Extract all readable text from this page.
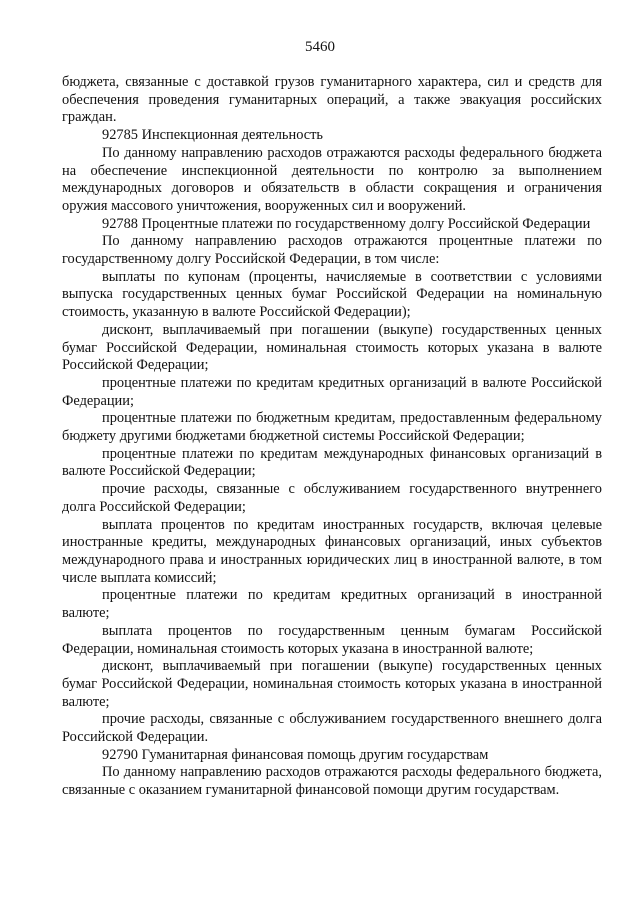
5460

бюджета, связанные с доставкой грузов гуманитарного характера, сил и средств для обеспечения проведения гуманитарных операций, а также эвакуация российских граждан.

92785 Инспекционная деятельность

По данному направлению расходов отражаются расходы федерального бюджета на обеспечение инспекционной деятельности по контролю за выполнением международных договоров и обязательств в области сокращения и ограничения оружия массового уничтожения, вооруженных сил и вооружений.

92788 Процентные платежи по государственному долгу Российской Федерации

По данному направлению расходов отражаются процентные платежи по государственному долгу Российской Федерации, в том числе:

выплаты по купонам (проценты, начисляемые в соответствии с условиями выпуска государственных ценных бумаг Российской Федерации на номинальную стоимость, указанную в валюте Российской Федерации);

дисконт, выплачиваемый при погашении (выкупе) государственных ценных бумаг Российской Федерации, номинальная стоимость которых указана в валюте Российской Федерации;

процентные платежи по кредитам кредитных организаций в валюте Российской Федерации;

процентные платежи по бюджетным кредитам, предоставленным федеральному бюджету другими бюджетами бюджетной системы Российской Федерации;

процентные платежи по кредитам международных финансовых организаций в валюте Российской Федерации;

прочие расходы, связанные с обслуживанием государственного внутреннего долга Российской Федерации;

выплата процентов по кредитам иностранных государств, включая целевые иностранные кредиты, международных финансовых организаций, иных субъектов международного права и иностранных юридических лиц в иностранной валюте, в том числе выплата комиссий;

процентные платежи по кредитам кредитных организаций в иностранной валюте;

выплата процентов по государственным ценным бумагам Российской Федерации, номинальная стоимость которых указана в иностранной валюте;

дисконт, выплачиваемый при погашении (выкупе) государственных ценных бумаг Российской Федерации, номинальная стоимость которых указана в иностранной валюте;

прочие расходы, связанные с обслуживанием государственного внешнего долга Российской Федерации.

92790 Гуманитарная финансовая помощь другим государствам

По данному направлению расходов отражаются расходы федерального бюджета, связанные с оказанием гуманитарной финансовой помощи другим государствам.
